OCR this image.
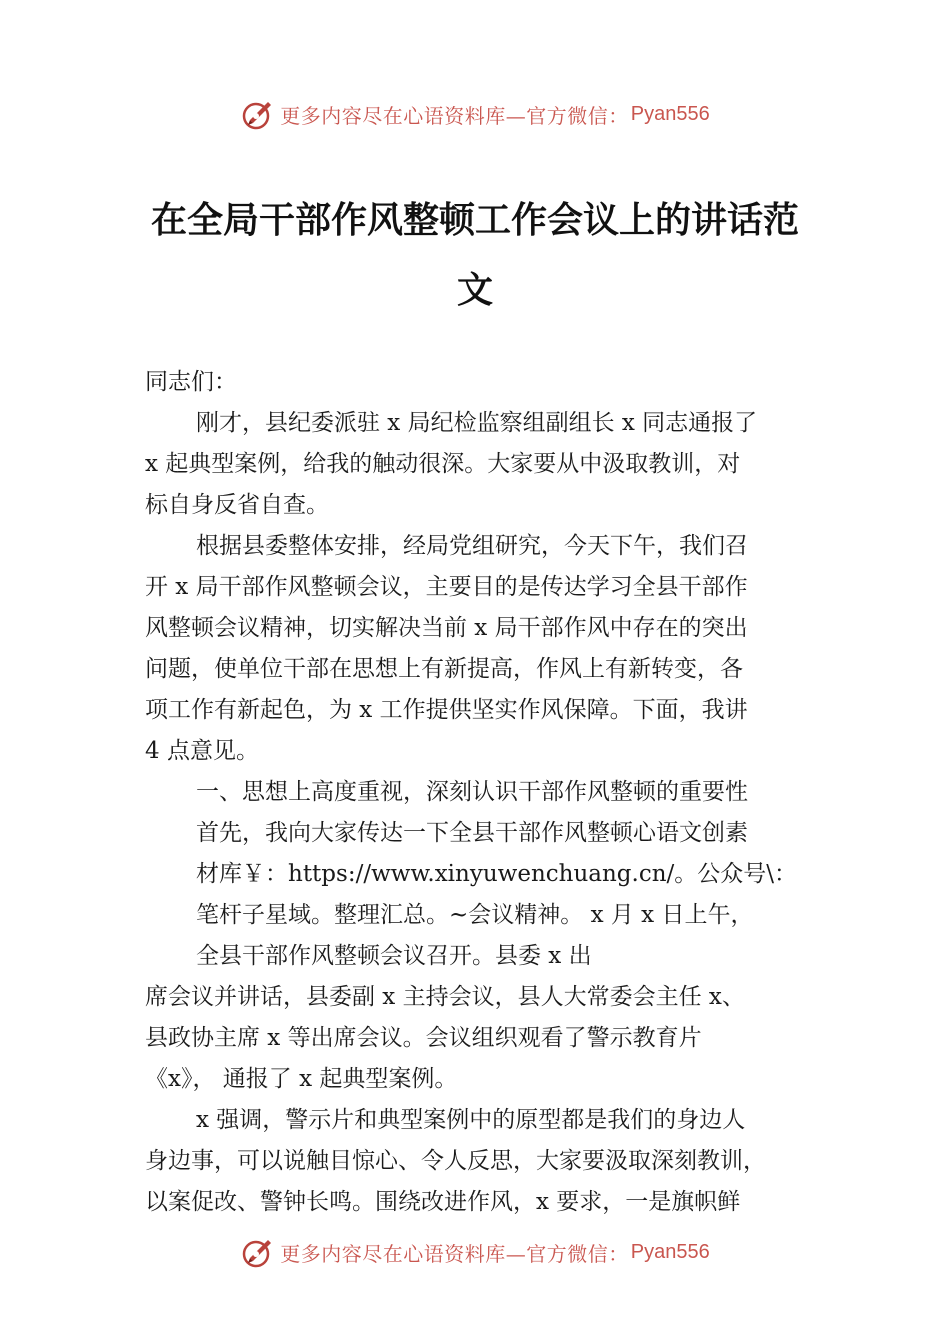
更多内容尽在心语资料库—官方微信： Pyan556
在全局干部作风整顿工作会议上的讲话范
文
同志们：
刚才，县纪委派驻 x 局纪检监察组副组长 x 同志通报了
x 起典型案例，给我的触动很深。大家要从中汲取教训，对
标自身反省自查。
根据县委整体安排，经局党组研究，今天下午，我们召
开 x 局干部作风整顿会议，主要目的是传达学习全县干部作
风整顿会议精神，切实解决当前 x 局干部作风中存在的突出
问题，使单位干部在思想上有新提高，作风上有新转变，各
项工作有新起色，为 x 工作提供坚实作风保障。下面，我讲
4 点意见。
一、思想上高度重视，深刻认识干部作风整顿的重要性
首先，我向大家传达一下全县干部作风整顿心语文创素
材库￥：https://www.xinyuwenchuang.cn/。公众号\：
笔杆子星域。整理汇总。~会议精神。 x 月 x 日上午，
全县干部作风整顿会议召开。县委 x 出
席会议并讲话，县委副 x 主持会议，县人大常委会主任 x、
县政协主席 x 等出席会议。会议组织观看了警示教育片
《x》， 通报了 x 起典型案例。
x 强调，警示片和典型案例中的原型都是我们的身边人
身边事，可以说触目惊心、令人反思，大家要汲取深刻教训，
以案促改、警钟长鸣。围绕改进作风，x 要求，一是旗帜鲜
更多内容尽在心语资料库—官方微信： Pyan556
